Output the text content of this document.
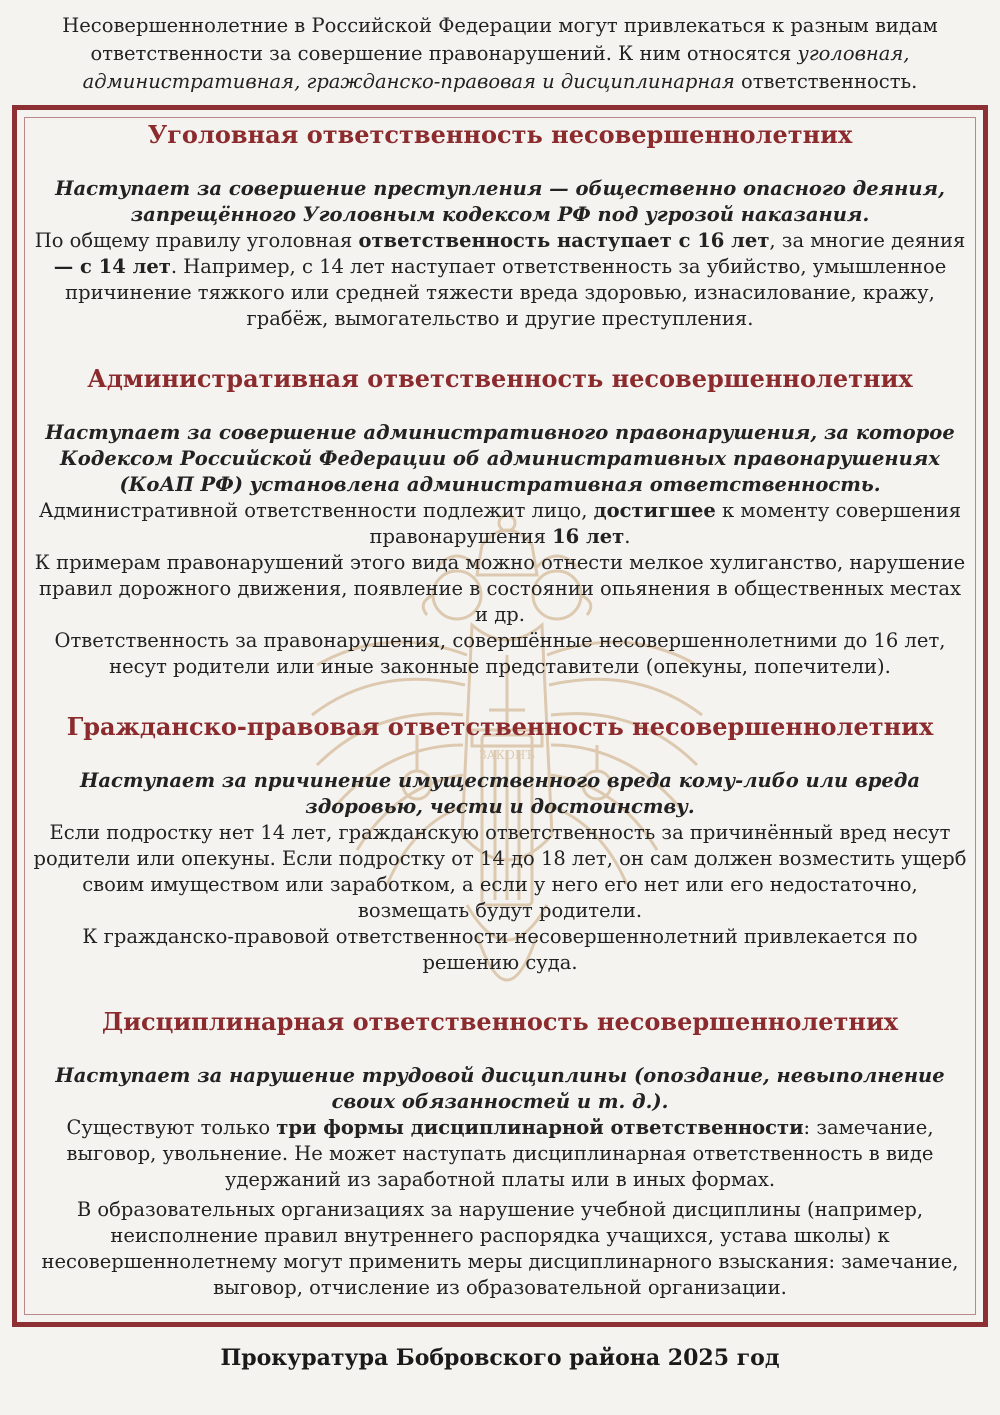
Несовершеннолетние в Российской Федерации могут привлекаться к разным видам ответственности за совершение правонарушений. К ним относятся уголовная, административная, гражданско-правовая и дисциплинарная ответственность.
ЗАКОНЪ
Уголовная ответственность несовершеннолетних

Наступает за совершение преступления — общественно опасного деяния, запрещённого Уголовным кодексом РФ под угрозой наказания.

По общему правилу уголовная ответственность наступает с 16 лет, за многие деяния — с 14 лет. Например, с 14 лет наступает ответственность за убийство, умышленное причинение тяжкого или средней тяжести вреда здоровью, изнасилование, кражу, грабёж, вымогательство и другие преступления.

Административная ответственность несовершеннолетних

Наступает за совершение административного правонарушения, за которое Кодексом Российской Федерации об административных правонарушениях (КоАП РФ) установлена административная ответственность.

Административной ответственности подлежит лицо, достигшее к моменту совершения правонарушения 16 лет.

К примерам правонарушений этого вида можно отнести мелкое хулиганство, нарушение правил дорожного движения, появление в состоянии опьянения в общественных местах и др.

Ответственность за правонарушения, совершённые несовершеннолетними до 16 лет, несут родители или иные законные представители (опекуны, попечители).

Гражданско-правовая ответственность несовершеннолетних

Наступает за причинение имущественного вреда кому-либо или вреда здоровью, чести и достоинству.

Если подростку нет 14 лет, гражданскую ответственность за причинённый вред несут родители или опекуны. Если подростку от 14 до 18 лет, он сам должен возместить ущерб своим имуществом или заработком, а если у него его нет или его недостаточно, возмещать будут родители.

К гражданско-правовой ответственности несовершеннолетний привлекается по решению суда.

Дисциплинарная ответственность несовершеннолетних

Наступает за нарушение трудовой дисциплины (опоздание, невыполнение своих обязанностей и т. д.).

Существуют только три формы дисциплинарной ответственности: замечание, выговор, увольнение. Не может наступать дисциплинарная ответственность в виде удержаний из заработной платы или в иных формах.

В образовательных организациях за нарушение учебной дисциплины (например, неисполнение правил внутреннего распорядка учащихся, устава школы) к несовершеннолетнему могут применить меры дисциплинарного взыскания: замечание, выговор, отчисление из образовательной организации.

Прокуратура Бобровского района 2025 год
